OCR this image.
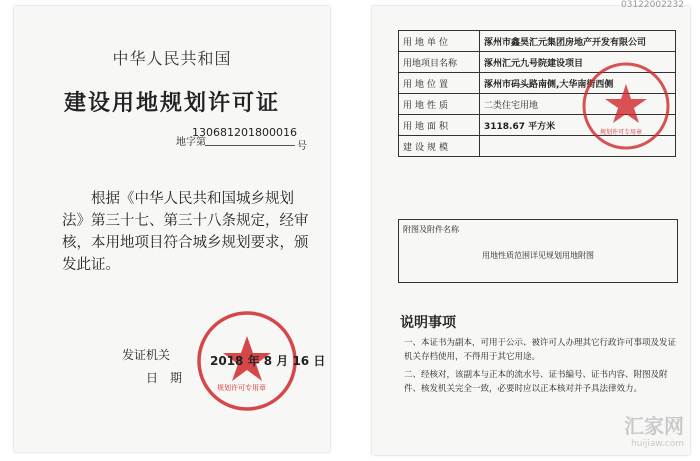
中华人民共和国
建设用地规划许可证
130681201800016
地字第	号
根据《中华人民共和国城乡规划法》第三十七、第三十八条规定，经审核，本用地项目符合城乡规划要求，颁发此证。
发证机关
日　期
规划许可专用章
2018 年 8 月 16 日
03122002232
用地单位	涿州市鑫昊汇元集团房地产开发有限公司
用地项目名称	涿州汇元九号院建设项目
用地位置	涿州市码头路南侧,大华南街西侧
用地性质	二类住宅用地
用地面积	3118.67 平方米
建设规模	
规划许可专用章
附图及附件名称
用地性质范围详见规划用地附图
说明事项
一、本证书为副本，可用于公示、被许可人办理其它行政许可事项及发证机关存档使用，不得用于其它用途。
二、经核对，该副本与正本的流水号、证书编号、证书内容、附图及附件、核发机关完全一致，必要时应以正本核对并予具法律效力。
汇家网
huijiaw.com
